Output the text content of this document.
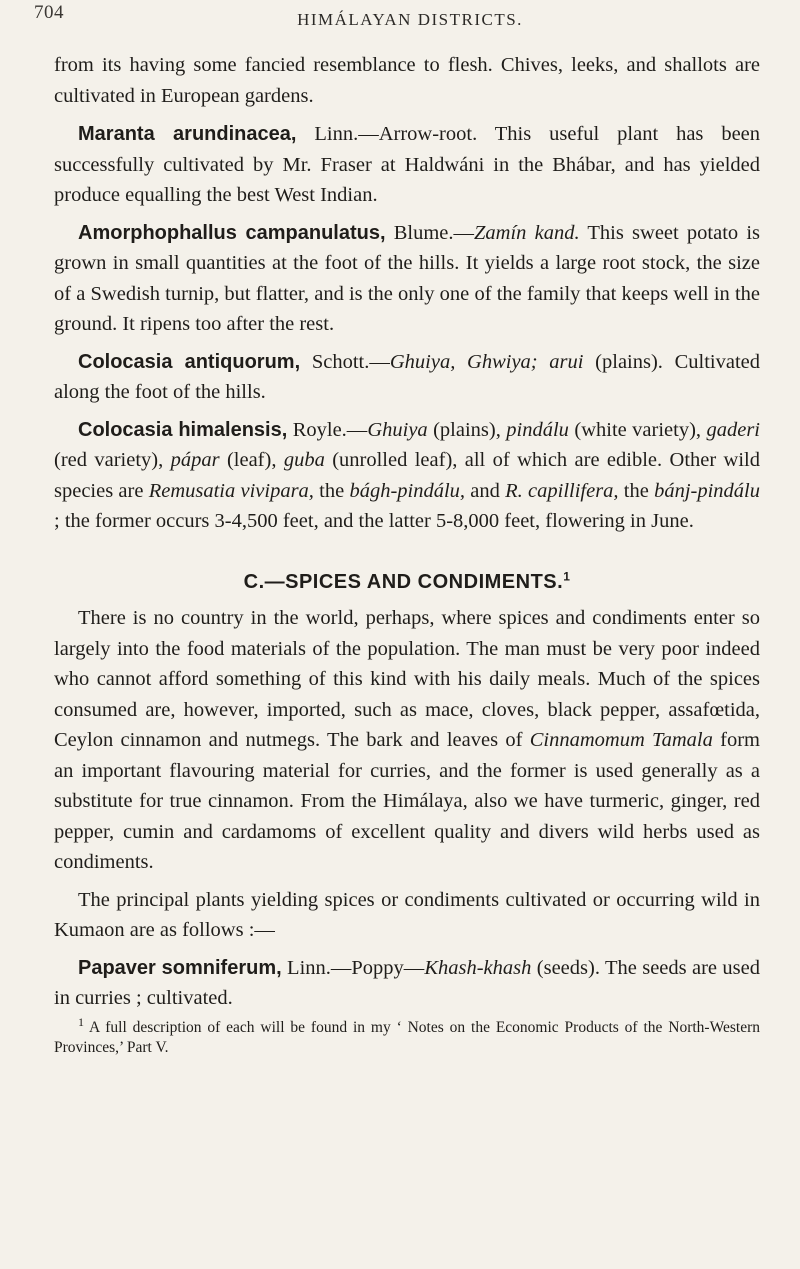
704	HIMÁLAYAN DISTRICTS.

from its having some fancied resemblance to flesh. Chives, leeks, and shallots are cultivated in European gardens.

Maranta arundinacea, Linn.—Arrow-root. This useful plant has been successfully cultivated by Mr. Fraser at Haldwáni in the Bhábar, and has yielded produce equalling the best West Indian.

Amorphophallus campanulatus, Blume.—Zamín kand. This sweet potato is grown in small quantities at the foot of the hills. It yields a large root stock, the size of a Swedish turnip, but flatter, and is the only one of the family that keeps well in the ground. It ripens too after the rest.

Colocasia antiquorum, Schott.—Ghuiya, Ghwiya; arui (plains). Cultivated along the foot of the hills.

Colocasia himalensis, Royle.—Ghuiya (plains), pindálu (white variety), gaderi (red variety), pápar (leaf), guba (unrolled leaf), all of which are edible. Other wild species are Remusatia vivipara, the bágh-pindálu, and R. capillifera, the bánj-pindálu ; the former occurs 3-4,500 feet, and the latter 5-8,000 feet, flowering in June.

C.—SPICES AND CONDIMENTS.$^1$

There is no country in the world, perhaps, where spices and condiments enter so largely into the food materials of the population. The man must be very poor indeed who cannot afford something of this kind with his daily meals. Much of the spices consumed are, however, imported, such as mace, cloves, black pepper, assafœtida, Ceylon cinnamon and nutmegs. The bark and leaves of Cinnamomum Tamala form an important flavouring material for curries, and the former is used generally as a substitute for true cinnamon. From the Himálaya, also we have turmeric, ginger, red pepper, cumin and cardamoms of excellent quality and divers wild herbs used as condiments.

The principal plants yielding spices or condiments cultivated or occurring wild in Kumaon are as follows :—

Papaver somniferum, Linn.—Poppy—Khash-khash (seeds). The seeds are used in curries ; cultivated.

$^1$ A full description of each will be found in my ‘ Notes on the Economic Products of the North-Western Provinces,’ Part V.
